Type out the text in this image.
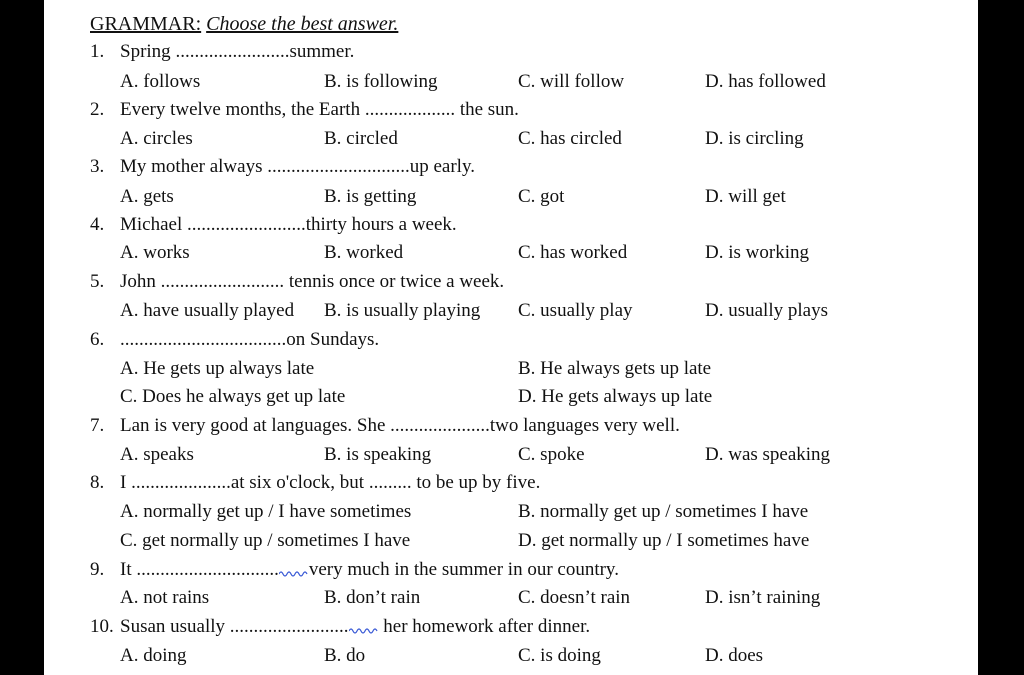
GRAMMAR: Choose the best answer.
1. Spring ........................summer.
A. follows	B. is following	C. will follow	D. has followed
2. Every twelve months, the Earth ................... the sun.
A. circles	B. circled	C. has circled	D. is circling
3. My mother always ..............................up early.
A. gets	B. is getting	C. got	D. will get
4. Michael .........................thirty hours a week.
A. works	B. worked	C. has worked	D. is working
5. John .......................... tennis once or twice a week.
A. have usually played B. is usually playing C. usually play	D. usually plays
6. ...................................on Sundays.
A. He gets up always late	B. He always gets up late
C. Does he always get up late	D. He gets always up late
7. Lan is very good at languages. She .....................two languages very well.
A. speaks	B. is speaking	C. spoke	D. was speaking
8. I .....................at six o'clock, but ......... to be up by five.
A. normally get up / I have sometimes	B. normally get up / sometimes I have
C. get normally up / sometimes I have	D. get normally up / I sometimes have
9. It .............................. very much in the summer in our country.
A. not rains	B. don’t rain	C. doesn’t rain	D. isn’t raining
10. Susan usually ......................... her homework after dinner.
A. doing	B. do	C. is doing	D. does
